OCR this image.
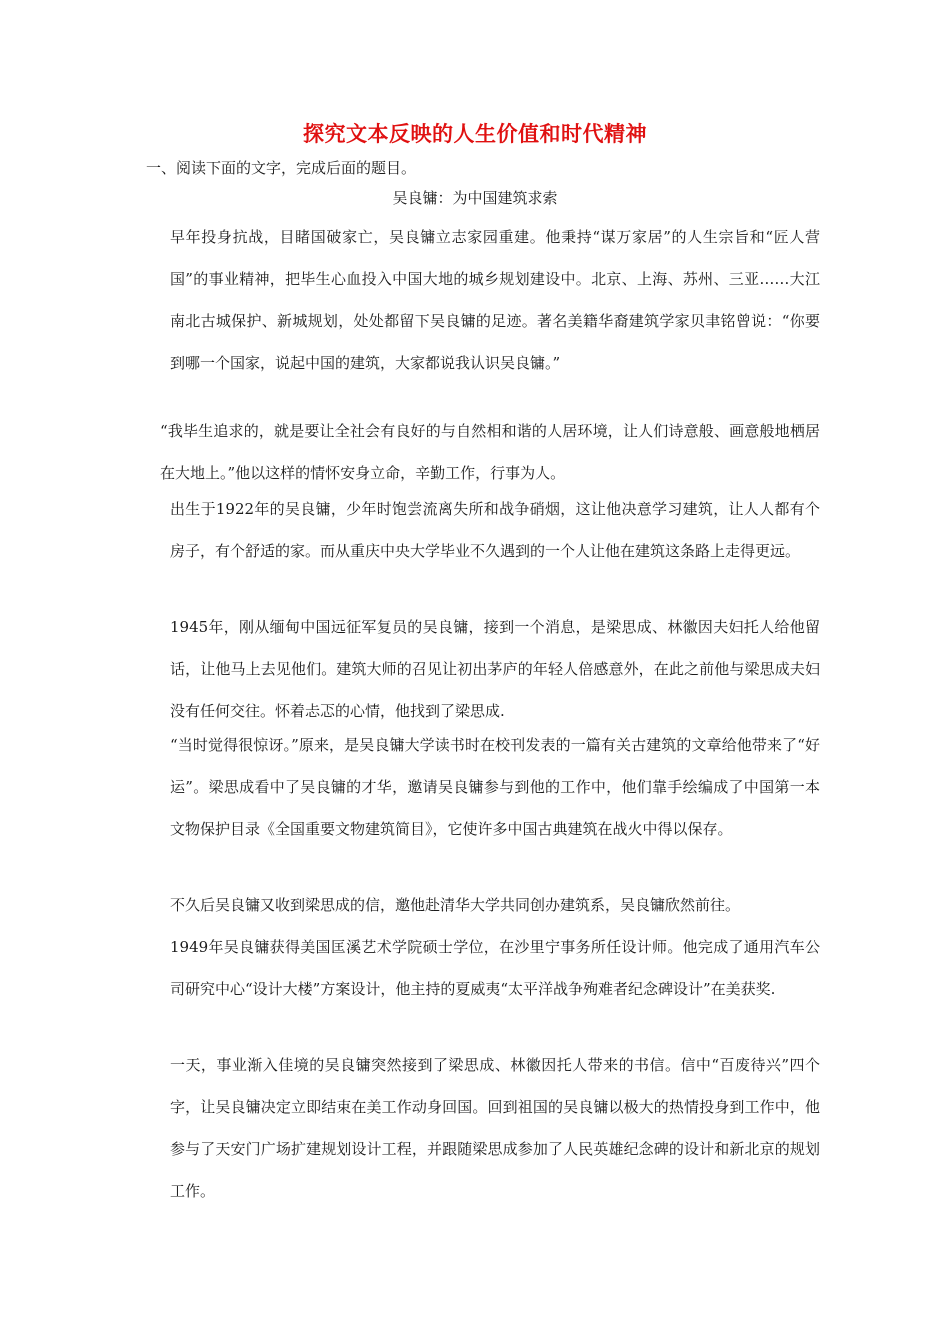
探究文本反映的人生价值和时代精神
一、阅读下面的文字，完成后面的题目。
吴良镛：为中国建筑求索

早年投身抗战，目睹国破家亡，吴良镛立志家园重建。他秉持“谋万家居”的人生宗旨和“匠人营国”的事业精神，把毕生心血投入中国大地的城乡规划建设中。北京、上海、苏州、三亚……大江南北古城保护、新城规划，处处都留下吴良镛的足迹。著名美籍华裔建筑学家贝聿铭曾说：“你要到哪一个国家，说起中国的建筑，大家都说我认识吴良镛。”

“我毕生追求的，就是要让全社会有良好的与自然相和谐的人居环境，让人们诗意般、画意般地栖居在大地上。”他以这样的情怀安身立命，辛勤工作，行事为人。

出生于1922年的吴良镛，少年时饱尝流离失所和战争硝烟，这让他决意学习建筑，让人人都有个房子，有个舒适的家。而从重庆中央大学毕业不久遇到的一个人让他在建筑这条路上走得更远。

1945年，刚从缅甸中国远征军复员的吴良镛，接到一个消息，是梁思成、林徽因夫妇托人给他留话，让他马上去见他们。建筑大师的召见让初出茅庐的年轻人倍感意外，在此之前他与梁思成夫妇没有任何交往。怀着忐忑的心情，他找到了梁思成.

“当时觉得很惊讶。”原来，是吴良镛大学读书时在校刊发表的一篇有关古建筑的文章给他带来了“好运”。梁思成看中了吴良镛的才华，邀请吴良镛参与到他的工作中，他们靠手绘编成了中国第一本文物保护目录《全国重要文物建筑简目》，它使许多中国古典建筑在战火中得以保存。

不久后吴良镛又收到梁思成的信，邀他赴清华大学共同创办建筑系，吴良镛欣然前往。

1949年吴良镛获得美国匡溪艺术学院硕士学位，在沙里宁事务所任设计师。他完成了通用汽车公司研究中心“设计大楼”方案设计，他主持的夏威夷“太平洋战争殉难者纪念碑设计”在美获奖.

一天，事业渐入佳境的吴良镛突然接到了梁思成、林徽因托人带来的书信。信中“百废待兴”四个字，让吴良镛决定立即结束在美工作动身回国。回到祖国的吴良镛以极大的热情投身到工作中，他参与了天安门广场扩建规划设计工程，并跟随梁思成参加了人民英雄纪念碑的设计和新北京的规划工作。
